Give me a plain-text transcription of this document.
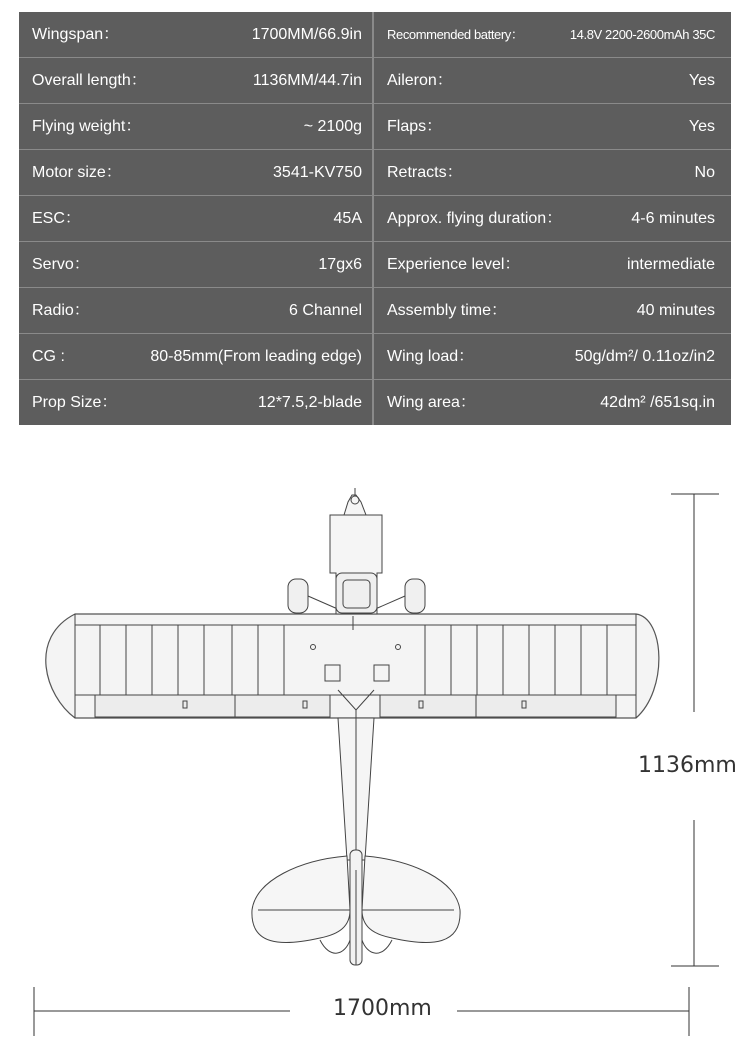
Wingspan：	1700MM/66.9in
Overall length：	1136MM/44.7in
Flying weight：	~ 2100g
Motor size：	3541-KV750
ESC：	45A
Servo：	17gx6
Radio：	6 Channel
CG :	80-85mm(From leading edge)
Prop Size：	12*7.5,2-blade
Recommended battery：	14.8V 2200-2600mAh 35C
Aileron：	Yes
Flaps：	Yes
Retracts：	No
Approx. flying duration：	4-6 minutes
Experience level：	intermediate
Assembly time：	40 minutes
Wing load：	50g/dm²/ 0.11oz/in2
Wing area：	42dm² /651sq.in
1136mm
1700mm
